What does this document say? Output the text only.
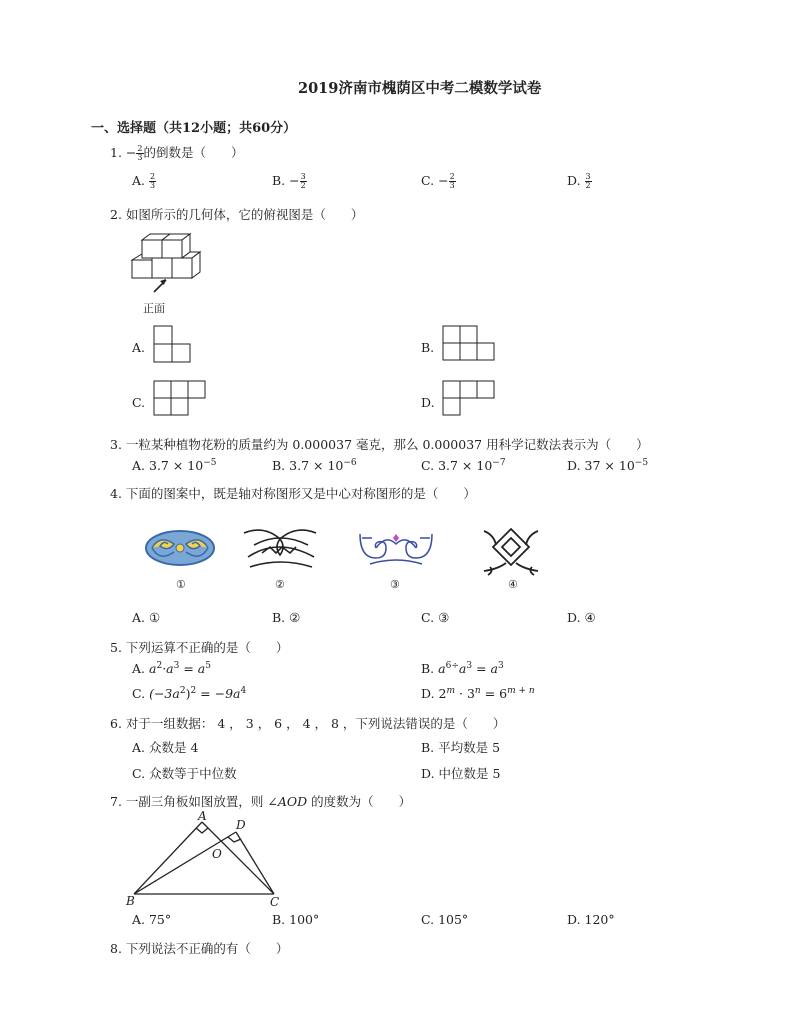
2019济南市槐荫区中考二模数学试卷
一、选择题（共12小题；共60分）
1. − $\frac{2}{3}$ 的倒数是（　　）
A. $\frac{2}{3}$	B. − $\frac{3}{2}$	C. − $\frac{2}{3}$	D. $\frac{3}{2}$
2. 如图所示的几何体，它的俯视图是（　　）
正面
A.	B.
C.	D.
3. 一粒某种植物花粉的质量约为 0.000037 毫克，那么 0.000037 用科学记数法表示为（　　）
A. $3.7 \times 10^{-5}$	B. $3.7 \times 10^{-6}$	C. $3.7 \times 10^{-7}$	D. $37 \times 10^{-5}$
4. 下面的图案中，既是轴对称图形又是中心对称图形的是（　　）
①	②	③	④
A. ①	B. ②	C. ③	D. ④
5. 下列运算不正确的是（　　）
A. $a^2\cdot a^3 = a^5$	B. $a^{6\div}a^3 = a^3$
C. $(-3a^2)^2 = -9a^4$	D. $2^m \cdot 3^n = 6^{m + n}$
6. 对于一组数据： 4 ， 3 ， 6 ， 4 ， 8 ，下列说法错误的是（　　）
A. 众数是 4	B. 平均数是 5
C. 众数等于中位数	D. 中位数是 5
7. 一副三角板如图放置，则 ∠AOD 的度数为（　　）
A
D
O
B	C
A. 75°	B. 100°	C. 105°	D. 120°
8. 下列说法不正确的有（　　）
